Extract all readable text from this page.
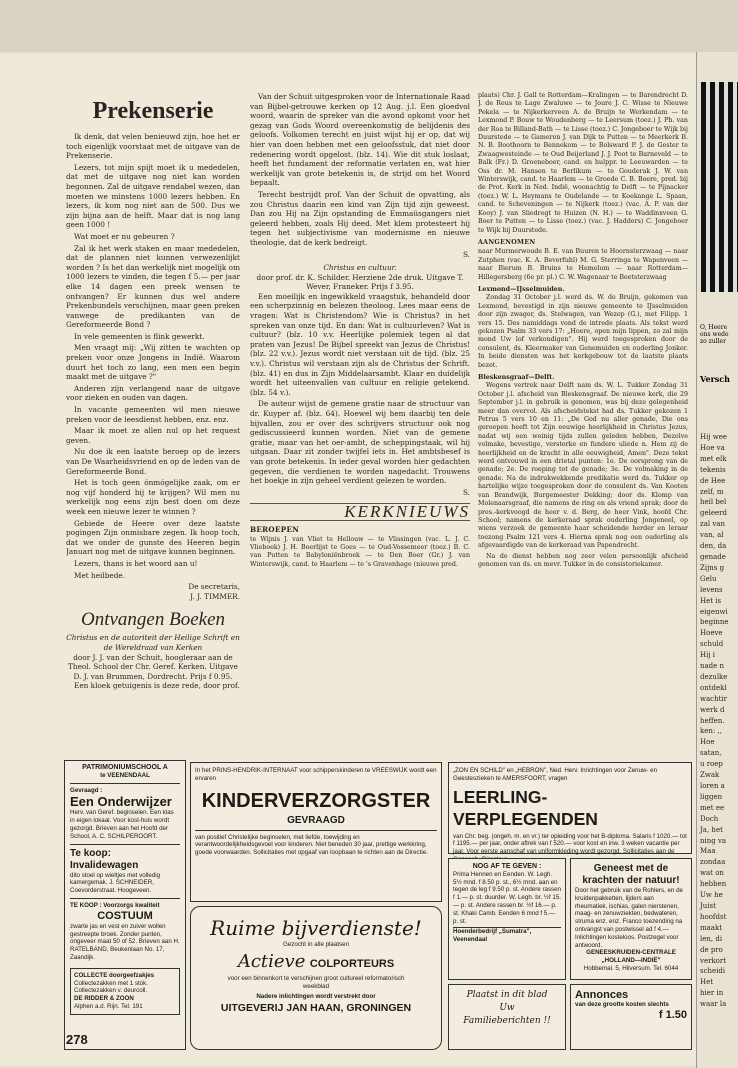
Prekenserie

Ik denk, dat velen benieuwd zijn, hoe het er toch eigenlijk voorstaat met de uitgave van de Prekenserie.

Lezers, tot mijn spijt moet ik u mededelen, dat met de uitgave nog niet kan worden begonnen. Zal de uitgave rendabel wezen, dan moeten we minstens 1000 lezers hebben. En lezers, ik kom nog niet aan de 500. Dus we zijn bijna aan de helft. Maar dat is nog lang geen 1000 !

Wat moet er nu gebeuren ?

Zal ik het werk staken en maar mededelen, dat de plannen niet kunnen verwezenlijkt worden ? Is het dan werkelijk niet mogelijk om 1000 lezers te vinden, die tegen f 5.— per jaar elke 14 dagen een preek wensen te ontvangen? Er kunnen dus wel andere Prekenbundels verschijnen, maar geen preken vanwege de predikanten van de Gereformeerde Bond ?

In vele gemeenten is flink gewerkt.

Men vraagt mij: „Wij zitten te wachten op preken voor onze Jongens in Indië. Waarom duurt het toch zo lang, een men een begin maakt met de uitgave ?"

Anderen zijn verlangend naar de uitgave voor zieken en ouden van dagen.

In vacante gemeenten wil men nieuwe preken voor de leesdienst hebben, enz. enz.

Maar ik moet ze allen nul op het request geven.

Nu doe ik een laatste beroep op de lezers van De Waarheidsvriend en op de leden van de Gereformeerde Bond.

Het is toch geen ónmógelijke zaak, om er nog vijf honderd bij te krijgen? Wil men nu werkelijk nog eens zijn best doen om deze week een nieuwe lezer te winnen ?

Gebiede de Heere over deze laatste pogingen Zijn onmisbare zegen. Ik hoop toch, dat we onder de gunste des Heeren begin Januari nog met de uitgave kunnen beginnen.

Lezers, thans is het woord aan u!

Met heilbede.

De secretaris,
J. J. TIMMER.
Ontvangen Boeken
Christus en de autoriteit der Heilige Schrift en de Wereldraad van Kerken
door J. J. van der Schuit, hoogleraar aan de Theol. School der Chr. Geref. Kerken. Uitgave D. J. van Brummen, Dordrecht. Prijs f 0.95.

Een kloek getuigenis is deze rede, door prof.

Van der Schuit uitgesproken voor de Internationale Raad van Bijbel-getrouwe kerken op 12 Aug. j.l. Een gloedvol woord, waarin de spreker van die avond opkomt voor het gezag van Gods Woord overeenkomstig de belijdenis des geloofs. Volkomen terecht en juist wijst hij er op, dat wij hier van doen hebben met een geloofsstuk, dat niet door redenering wordt opgelost. (blz. 14). Wie dit stuk loslaat, heeft het fundament der reformatie verlaten en, wat hier werkelijk van grote betekenis is, de strijd om het Woord bepaalt.

Terecht bestrijdt prof. Van der Schuit de opvatting, als zou Christus daarin een kind van Zijn tijd zijn geweest. Dan zou Hij na Zijn opstanding de Emmaüsgangers niet geleerd hebben, zoals Hij deed. Met klem protesteert hij tegen het subjectivisme van modernisme en nieuwe theologie, dat de kerk bedreigt.

S.
Christus en cultuur.
door prof. dr. K. Schilder. Herziene 2de druk. Uitgave T. Wever, Franeker. Prijs f 3.95.

Een moeilijk en ingewikkeld vraagstuk, behandeld door een scherpzinnig en belezen theoloog. Lees maar eens de vragen: Wat is Christendom? Wie is Christus? in het spreken van onze tijd. En dan: Wat is cultuurleven? Wat is cultuur? (blz. 10 v.v. Heerlijke polemiek tegen al dat praten van Jezus! De Bijbel spreekt van Jezus de Christus! (blz. 22 v.v.). Jezus wordt niet verstaan uit de tijd. (blz. 25 v.v.). Christus wil verstaan zijn als de Christus der Schrift. (blz. 41) en dus in Zijn Middelaarsambt. Klaar en duidelijk wordt het uiteenvallen van cultuur en religie getekend. (blz. 54 v.).

De auteur wijst de gemene gratie naar de structuur van dr. Kuyper af. (blz. 64). Hoewel wij hem daarbij ten dele bijvallen, zou er over des schrijvers structuur ook nog gediscussieerd kunnen worden. Niet van de gemene gratie, maar van het oer-ambt, de scheppingstaak, wil hij uitgaan. Daar zit zonder twijfel iets in. Het ambtsbesef is van grote betekenis. In ieder geval worden hier gedachten gegeven, die verdienen te worden nagedacht. Trouwens het boekje in zijn geheel verdient gelezen te worden.

S.
KERKNIEUWS
BEROEPEN

te Wijnis J. van Vliet te Hellouw — te Vlissingen (vac. L. J. C. Vlieboek) J. H. Boerlijst te Goes — te Oud-Vossemeer (toez.) B. C. van Putten te Babyloniënbroek — te Den Boer (Gr.) J. van Winterswijk, cand. te Haarlem — te 's Gravenhage (nieuwe pred.

plaats) Chr. J. Gall te Rotterdam—Kralingen — te Barendrecht D. J. de Reus te Lage Zwaluwe — te Joure J. C. Wisse te Nieuwe Pekela — te Nijkerkerveen A. de Bruijn te Werkendam — te Lexmond P. Bouw te Woudenberg — te Leersum (toez.) J. Ph. van der Roa te Billand-Bath — te Lisse (toez.) C. Jongeboer te Wijk bij Duurstede — te Gameren J. van Dijk te Putten — te Meerkerk B. N. B. Boothoorn te Bennekom — te Bolsward P. J. de Gester te Zwaagwesteinde — te Oud Beijerland J. J. Poot te Barneveld — te Balk (Fr.) D. Groeneboer, cand. en hulppr. te Leeuwarden — te Oss dr. M. Hansen te Berlikum — te Gouderak J. W. van Winterswijk, cand. te Haarlem — te Groede C. B. Boere, pred. bij de Prot. Kerk in Ned. Indië, woonachtig te Delft — te Pijnacker (toez.) W. L. Heymans te Oudelande — te Koekange L. Spaan, cand. te Scheveningen — te Nijkerk (toez.) (vac. A. P. van der Kooy) J. van Sliedregt te Huizen (N. H.) — te Waddinxveen G. Boer te Putten — te Lisse (toez.) (vac. J. Hadders) C. Jongeboer te Wijk bij Duurstede.

AANGENOMEN

naar Murmerwoude B. E. van Buuren te Hoornsterzwaag — naar Zutphen (vac. K. A. Beverfuhl) M. G. Sterringa te Wapenveen — naar Bierum B. Bruins te Hemelum — naar Rotterdam—Hillegersberg (6e pr. pl.) C. W. Wagenaar te Beetsterzwaag

Lexmond—IJsselmuiden.

Zondag 31 October j.l. werd ds. W. de Bruijn, gekomen van Lexmond, bevestigd in zijn nieuwe gemeente te IJsselmuiden door zijn zwager, ds. Stelwagen, van Wezep (G.), met Filipp. 1 vers 15. Des namiddags vond de intrede plaats. Als tekst werd gekozen Psalm 33 vers 17: „Hoere, open mijn lippen, zo zal mijn mond Uw lof verkondigen". Hij werd toegesproken door de consulent, ds. Kleermaker van Genemuiden en ouderling Jonker. In beide diensten was het kerkgebouw tot de laatste plaats bezet.

Bleskensgraaf—Delft.

Wegens vertrek naar Delft nam ds. W. L. Tukker Zondag 31 October j.l. afscheid van Bleskensgraaf. De nieuwe kerk, die 29 September j.l. in gebruik is genomen, was bij deze gelegenheid meer dan overvol. Als afscheidstekst had ds. Tukker gekozen 1 Petrus 5 vers 10 en 11: „De God nu aller genade, Die ons geroepen heeft tot Zijn eeuwige heerlijkheid in Christus Jezus, nadat wij een weinig tijds zullen geleden hebben, Dezelve volmake, bevestige, versterke en fundere uliede n. Hem zij de heerlijkheid en de kracht in alle eeuwigheid, Amen". Deze tekst werd ontvouwd in een drietal punten: 1e. De oorsprong van de genade; 2e. De roeping tot de genade; 3e. De volmaking in de genade. Na de indrukwekkende predikatie werd ds. Tukker op hartelijke wijze toegesproken door de consulent ds. Van Kooten van Brandwijk, Burgemeester Dekking; door ds. Klomp van Molenaarsgraaf, die namens de ring en als vriend sprak; door de pres.-kerkvoogd de heer v. d. Berg, de heer Vink, hoofd Chr. School; namens de kerkeraad sprak ouderling Jongeneel, op wiens verzoek de gemeente haar scheidende herder en leraar toezong Psalm 121 vers 4. Hierna sprak nog een ouderling als afgevaardigde van de kerkeraad van Papendrecht.

Na de dienst hebben nog zeer velen persoonlijk afscheid genomen van ds. en mevr. Tukker in de consistoriekamer.

PATRIMONIUMSCHOOL A
te VEENENDAAL
Gevraagd :
Een Onderwijzer
Herv. van Geref. beginselen. Een klas in eigen lokaal. Voor kost-huis wordt gezorgd. Brieven aan het Hoofd der School, A. C. SCHILPEROORT.
Te koop: Invalidewagen
dito stoel op wieltjes met volledig kamergemak. J. SCHNEIDER, Coevorderstraat. Hoogeveen.
TE KOOP : Voorzorgs kwaliteit
COSTUUM
zwarte jas en vest en zuiver wollen gestreepte broek. Zonder punten, ongeveer maat 50 of 52. Brieven aan H. RATELBAND, Beukenlaan No. 17, Zaandijk.
COLLECTE doorgeefzakjes
Collectezakken met 1 stok. Collectezakken v. deurcoll.
DE RIDDER & ZOON
Alphen a.d. Rijn. Tel. 191
In het PRINS-HENDRIK-INTERNAAT voor schipperskinderen te VREESWIJK wordt een ervaren
KINDERVERZORGSTER
GEVRAAGD
van positief Christelijke beginselen, met liefde, toewijding en verantwoordelijkheidsgevoel voor kinderen. Niet beneden 30 jaar, prettige werkkring, goede voorwaarden. Sollicitaties met opgaaf van loopbaan te richten aan de Directie.
Ruime bijverdienste!
Gezocht in alle plaatsen
Actieve COLPORTEURS
voor een binnenkort te verschijnen groot cultureel reformatorisch weekblad
Nadere inlichtingen wordt verstrekt door
UITGEVERIJ JAN HAAN, GRONINGEN
„ZON EN SCHILD" en „HEBRON", Ned. Herv. Inrichtingen voor Zenuw- en Geesteszieken te AMERSFOORT, vragen
LEERLING-VERPLEGENDEN
van Chr. beg. (ongeh. m. en vr.) ter opleiding voor het B-diploma. Salaris f 1020.— tot f 1195.— per jaar, onder aftrek van f 520.— voor kost en inw. 3 weken vacantie per jaar. Voor eerste aanschaf van uniformkleding wordt gezorgd. Sollicitaties aan de
NOG AF TE GEVEN :
Prima Hennen en Eenden. W. Legh. 5½ mnd. f 8.50 p. st., 6½ mnd. aan en tegen de leg f 9.50 p. st. Andere rassen f 1.— p. st. duurder. W. Legh. br. ½f 15.— p. st. Andere rassen br. ½f 16.— p. st. Khaki Camb. Eenden 6 mnd f 5.— p. st.
Hoenderbedrijf „Sumatra", Veenendaal
Geneest met de krachten der natuur!
Door het gebruik van de Rohlers, en de kruidenpakketten, lijders aan rheumatiek, ischias, galen nierstenen, maag- en zenuwziekten, bedwateren, struma enz. enz. Franco toezending na ontvangst van postwissel ad f 4.— Inlichtingen kosteloos. Postzegel voor antwoord.
GENEESKRUIDEN-CENTRALE „HOLLAND—INDIË"
Hobbemal. 5, Hilversum. Tel. 6044
Plaatst in dit blad
Uw
Familieberichten !!
Annonces
van deze grootte kosten slechts
f 1.50
278
O, Heere
ons wede
zo zuller
Versch
Hij wee
Hoe va
met elk
tekenis
de Hee
zelf, m
heil bel
geleerd
zal van
van, al
den, da
genade
Zijns g
Gelu
levens
Het is
eigenwi
beginne
Hoeve
schuld
Hij i
nade n
dezulke
ontdekl
wachtir
werk d
heffen.
ken: ,,
Hoe
satan,
u roep
Zwak
loren a
liggen
met ee
Doch
Ja, het
ning va
Maa
zondaa
wat on
hebben
Uw he
Juist
hoofdst
maakt
len, di
de pro
verkort
scheidi
Het
hier in
waar la
